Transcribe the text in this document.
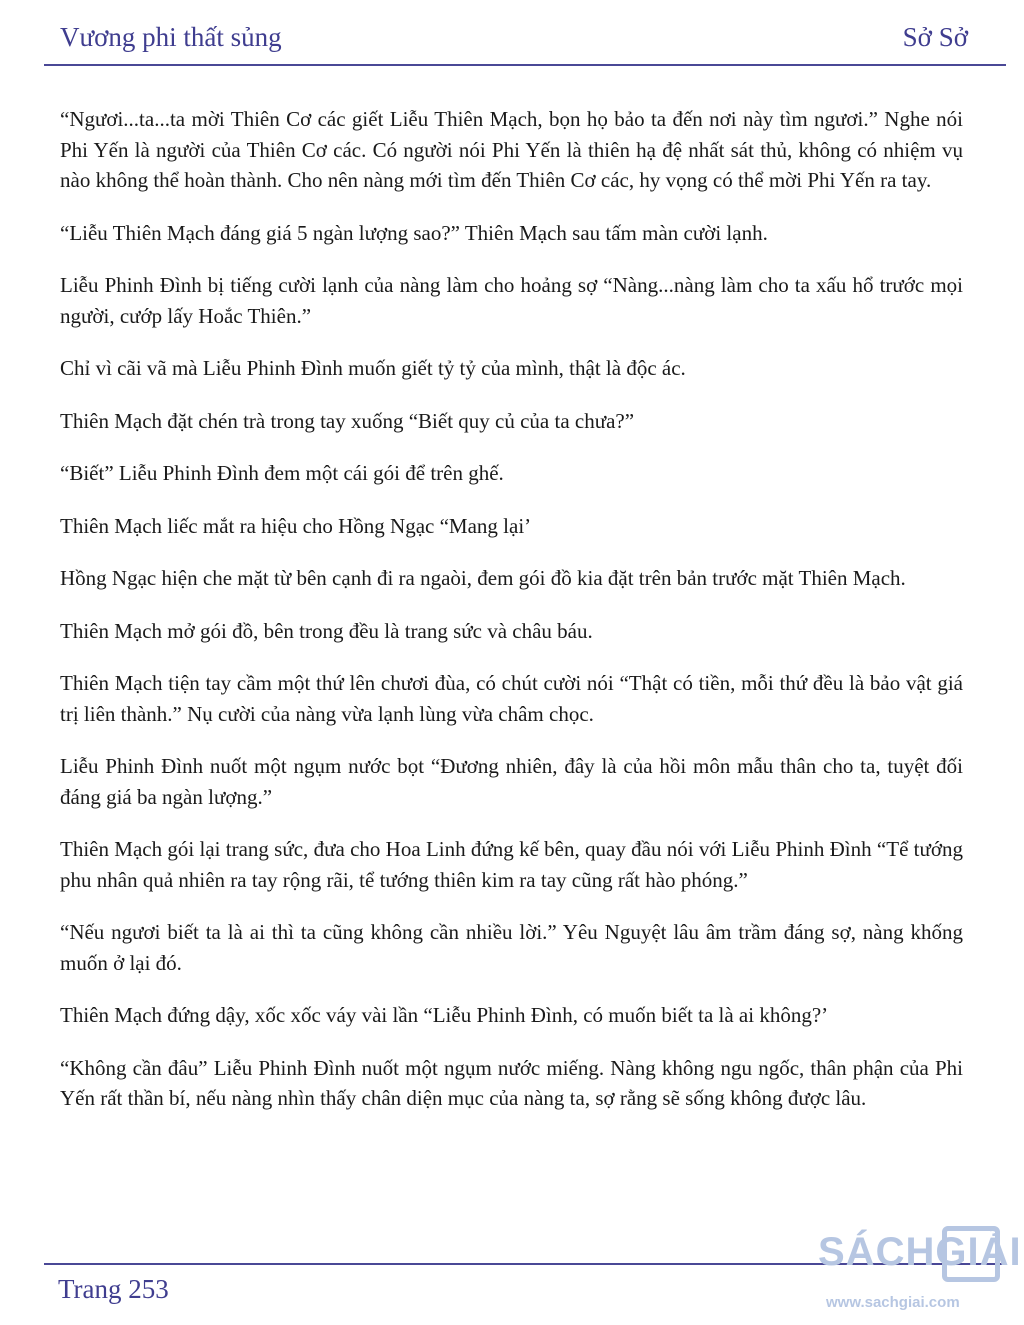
Vương phi thất sủng	Sở Sở

“Ngươi...ta...ta mời Thiên Cơ các giết Liễu Thiên Mạch, bọn họ bảo ta đến nơi này tìm ngươi.” Nghe nói Phi Yến là người của Thiên Cơ các. Có người nói Phi Yến là thiên hạ đệ nhất sát thủ, không có nhiệm vụ nào không thể hoàn thành. Cho nên nàng mới tìm đến Thiên Cơ các, hy vọng có thể mời Phi Yến ra tay.

“Liễu Thiên Mạch đáng giá 5 ngàn lượng sao?” Thiên Mạch sau tấm màn cười lạnh.

Liễu Phinh Đình bị tiếng cười lạnh của nàng làm cho hoảng sợ “Nàng...nàng làm cho ta xấu hổ trước mọi người, cướp lấy Hoắc Thiên.”

Chỉ vì cãi vã mà Liễu Phinh Đình muốn giết tỷ tỷ của mình, thật là độc ác.

Thiên Mạch đặt chén trà trong tay xuống “Biết quy củ của ta chưa?”

“Biết” Liễu Phinh Đình đem một cái gói để trên ghế.

Thiên Mạch liếc mắt ra hiệu cho Hồng Ngạc “Mang lại’

Hồng Ngạc hiện che mặt từ bên cạnh đi ra ngaòi, đem gói đồ kia đặt trên bản trước mặt Thiên Mạch.

Thiên Mạch mở gói đồ, bên trong đều là trang sức và châu báu.

Thiên Mạch tiện tay cầm một thứ lên chươi đùa, có chút cười nói “Thật có tiền, mỗi thứ đều là bảo vật giá trị liên thành.” Nụ cười của nàng vừa lạnh lùng vừa châm chọc.

Liễu Phinh Đình nuốt một ngụm nước bọt “Đương nhiên, đây là của hồi môn mẫu thân cho ta, tuyệt đối đáng giá ba ngàn lượng.”

Thiên Mạch gói lại trang sức, đưa cho Hoa Linh đứng kế bên, quay đầu nói với Liễu Phinh Đình “Tể tướng phu nhân quả nhiên ra tay rộng rãi, tể tướng thiên kim ra tay cũng rất hào phóng.”

“Nếu ngươi biết ta là ai thì ta cũng không cần nhiều lời.” Yêu Nguyệt lâu âm trầm đáng sợ, nàng khống muốn ở lại đó.

Thiên Mạch đứng dậy, xốc xốc váy vài lần “Liễu Phinh Đình, có muốn biết ta là ai không?’

“Không cần đâu” Liễu Phinh Đình nuốt một ngụm nước miếng. Nàng không ngu ngốc, thân phận của Phi Yến rất thần bí, nếu nàng nhìn thấy chân diện mục của nàng ta, sợ rằng sẽ sống không được lâu.

Trang 253
SÁCHGIẢI
www.sachgiai.com
